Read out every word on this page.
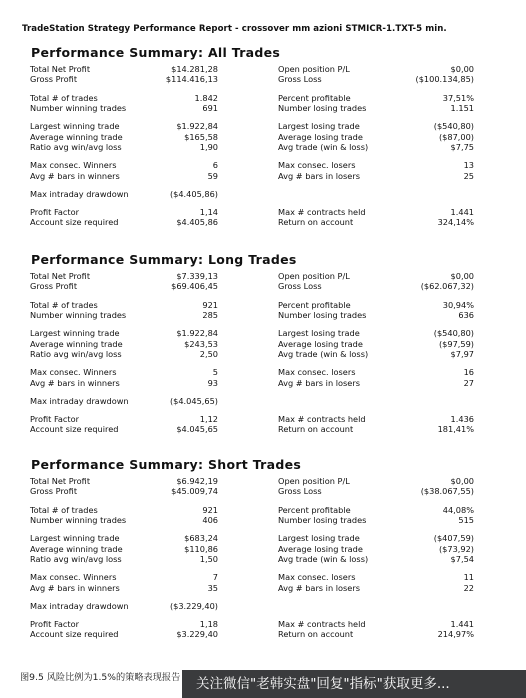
TradeStation Strategy Performance Report - crossover mm azioni STMICR-1.TXT-5 min.
Performance Summary: All Trades
Total Net Profit	$14.281,28	Open position P/L	$0,00
Gross Profit	$114.416,13	Gross Loss	($100.134,85)
Total # of trades	1.842	Percent profitable	37,51%
Number winning trades	691	Number losing trades	1.151
Largest winning trade	$1.922,84	Largest losing trade	($540,80)
Average winning trade	$165,58	Average losing trade	($87,00)
Ratio avg win/avg loss	1,90	Avg trade (win & loss)	$7,75
Max consec. Winners	6	Max consec. losers	13
Avg # bars in winners	59	Avg # bars in losers	25
Max intraday drawdown	($4.405,86)
Profit Factor	1,14	Max # contracts held	1.441
Account size required	$4.405,86	Return on account	324,14%
Performance Summary: Long Trades
Total Net Profit	$7.339,13	Open position P/L	$0,00
Gross Profit	$69.406,45	Gross Loss	($62.067,32)
Total # of trades	921	Percent profitable	30,94%
Number winning trades	285	Number losing trades	636
Largest winning trade	$1.922,84	Largest losing trade	($540,80)
Average winning trade	$243,53	Average losing trade	($97,59)
Ratio avg win/avg loss	2,50	Avg trade (win & loss)	$7,97
Max consec. Winners	5	Max consec. losers	16
Avg # bars in winners	93	Avg # bars in losers	27
Max intraday drawdown	($4.045,65)
Profit Factor	1,12	Max # contracts held	1.436
Account size required	$4.045,65	Return on account	181,41%
Performance Summary: Short Trades
Total Net Profit	$6.942,19	Open position P/L	$0,00
Gross Profit	$45.009,74	Gross Loss	($38.067,55)
Total # of trades	921	Percent profitable	44,08%
Number winning trades	406	Number losing trades	515
Largest winning trade	$683,24	Largest losing trade	($407,59)
Average winning trade	$110,86	Average losing trade	($73,92)
Ratio avg win/avg loss	1,50	Avg trade (win & loss)	$7,54
Max consec. Winners	7	Max consec. losers	11
Avg # bars in winners	35	Avg # bars in losers	22
Max intraday drawdown	($3.229,40)
Profit Factor	1,18	Max # contracts held	1.441
Account size required	$3.229,40	Return on account	214,97%
图9.5 风险比例为1.5%的策略表现报告	关注微信"老韩实盘"回复"指标"获取更多...
